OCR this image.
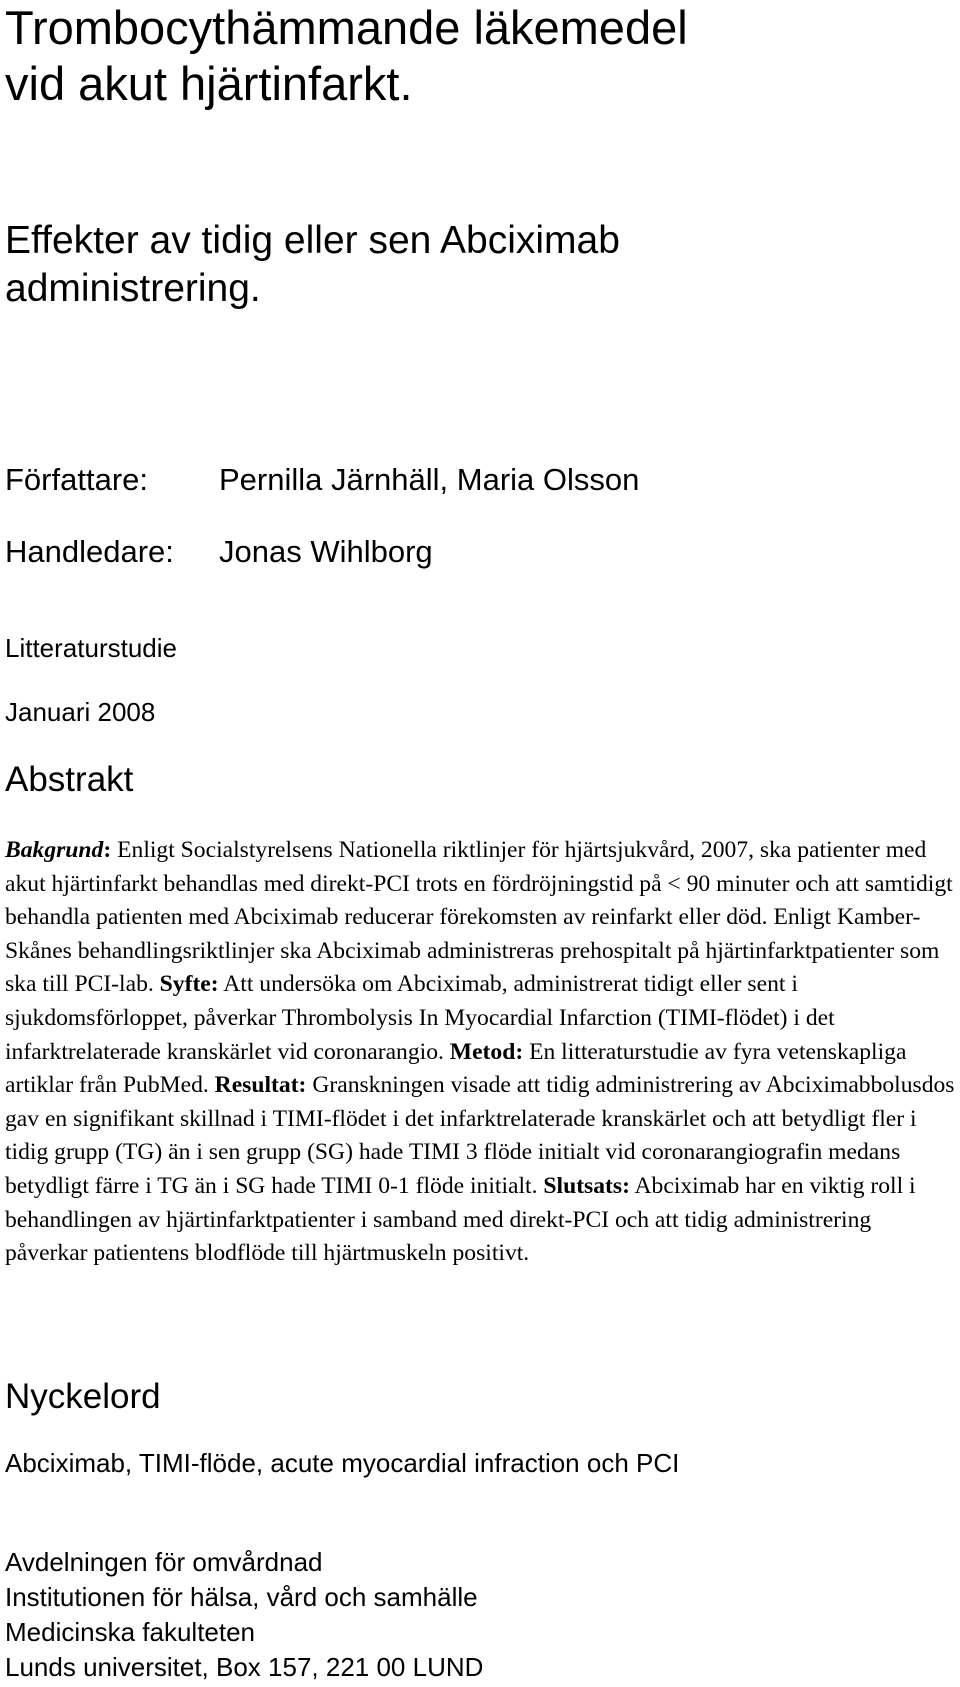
Trombocythämmande läkemedel
vid akut hjärtinfarkt.
Effekter av tidig eller sen Abciximab
administrering.
Författare: Pernilla Järnhäll, Maria Olsson
Handledare: Jonas Wihlborg
Litteraturstudie
Januari 2008
Abstrakt

Bakgrund: Enligt Socialstyrelsens Nationella riktlinjer för hjärtsjukvård, 2007, ska patienter med akut hjärtinfarkt behandlas med direkt-PCI trots en fördröjningstid på < 90 minuter och att samtidigt behandla patienten med Abciximab reducerar förekomsten av reinfarkt eller död. Enligt Kamber-Skånes behandlingsriktlinjer ska Abciximab administreras prehospitalt på hjärtinfarktpatienter som ska till PCI-lab. Syfte: Att undersöka om Abciximab, administrerat tidigt eller sent i sjukdomsförloppet, påverkar Thrombolysis In Myocardial Infarction (TIMI-flödet) i det infarktrelaterade kranskärlet vid coronarangio. Metod: En litteraturstudie av fyra vetenskapliga artiklar från PubMed. Resultat: Granskningen visade att tidig administrering av Abciximabbolusdos gav en signifikant skillnad i TIMI-flödet i det infarktrelaterade kranskärlet och att betydligt fler i tidig grupp (TG) än i sen grupp (SG) hade TIMI 3 flöde initialt vid coronarangiografin medans betydligt färre i TG än i SG hade TIMI 0-1 flöde initialt. Slutsats: Abciximab har en viktig roll i behandlingen av hjärtinfarktpatienter i samband med direkt-PCI och att tidig administrering påverkar patientens blodflöde till hjärtmuskeln positivt.

Nyckelord
Abciximab, TIMI-flöde, acute myocardial infraction och PCI
Avdelningen för omvårdnad
Institutionen för hälsa, vård och samhälle
Medicinska fakulteten
Lunds universitet, Box 157, 221 00 LUND
